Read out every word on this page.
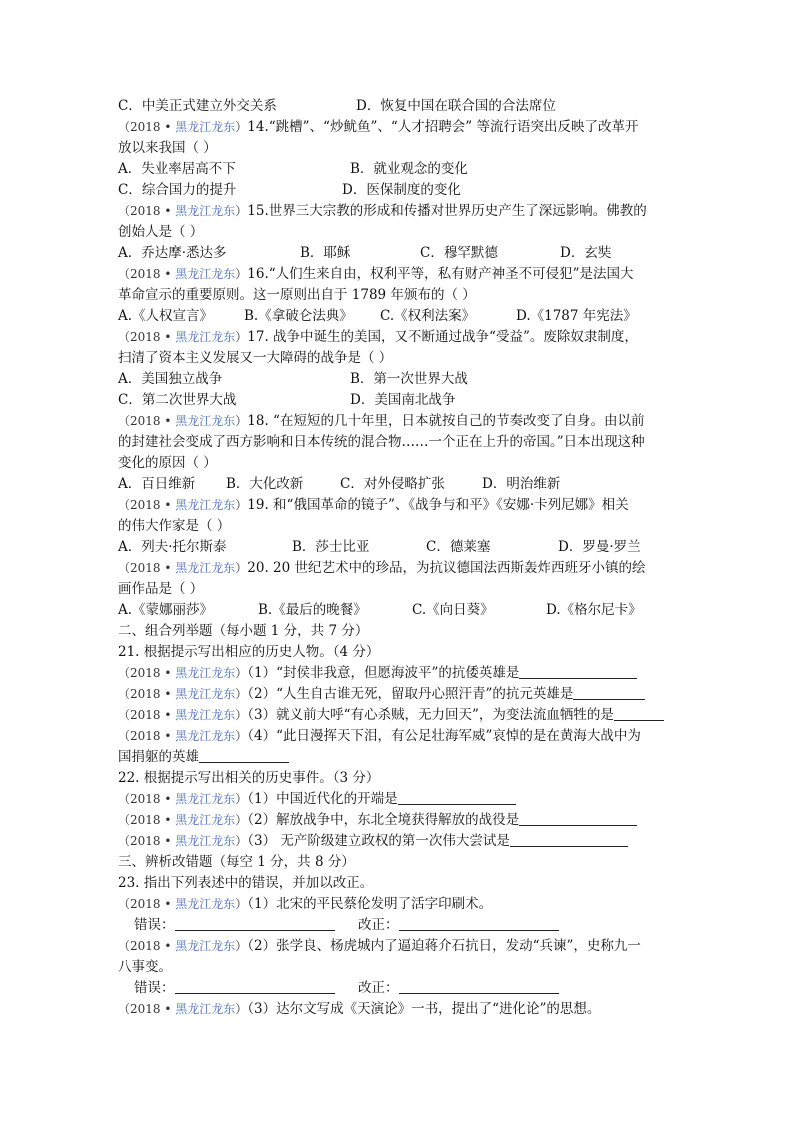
C．中美正式建立外交关系	D．恢复中国在联合国的合法席位
（2018 • 黑龙江龙东）14.“跳槽”、“炒鱿鱼”、“人才招聘会” 等流行语突出反映了改革开
放以来我国（ ）
A．失业率居高不下	B．就业观念的变化
C．综合国力的提升	D．医保制度的变化
（2018 • 黑龙江龙东）15.世界三大宗教的形成和传播对世界历史产生了深远影响。佛教的
创始人是（ ）
A．乔达摩·悉达多	B．耶稣	C．穆罕默德	D．玄奘
（2018 • 黑龙江龙东）16.“人们生来自由，权利平等，私有财产神圣不可侵犯”是法国大
革命宣示的重要原则。这一原则出自于 1789 年颁布的（ ）
A.《人权宣言》 B.《拿破仑法典》 C.《权利法案》	D.《1787 年宪法》
（2018 • 黑龙江龙东）17. 战争中诞生的美国，又不断通过战争“受益”。废除奴隶制度，
扫清了资本主义发展又一大障碍的战争是（ ）
A．美国独立战争	B．第一次世界大战
C．第二次世界大战	D．美国南北战争
（2018 • 黑龙江龙东）18. “在短短的几十年里，日本就按自己的节奏改变了自身。由以前
的封建社会变成了西方影响和日本传统的混合物……一个正在上升的帝国。”日本出现这种
变化的原因（ ）
A．百日维新 B．大化改新	C．对外侵略扩张	D．明治维新
（2018 • 黑龙江龙东）19. 和“俄国革命的镜子”、《战争与和平》《安娜·卡列尼娜》相关
的伟大作家是（ ）
A．列夫·托尔斯泰	B．莎士比亚	C．德莱塞	D．罗曼·罗兰
（2018 • 黑龙江龙东）20. 20 世纪艺术中的珍品，为抗议德国法西斯轰炸西班牙小镇的绘
画作品是（ ）
A.《蒙娜丽莎》	B.《最后的晚餐》	C.《向日葵》	D.《格尔尼卡》
二、组合列举题（每小题 1 分，共 7 分）
21. 根据提示写出相应的历史人物。（4 分）
（2018 • 黑龙江龙东）（1）“封侯非我意，但愿海波平”的抗倭英雄是
（2018 • 黑龙江龙东）（2）“人生自古谁无死，留取丹心照汗青”的抗元英雄是
（2018 • 黑龙江龙东）（3）就义前大呼“有心杀贼，无力回天”，为变法流血牺牲的是
（2018 • 黑龙江龙东）（4）“此日漫挥天下泪，有公足壮海军威”哀悼的是在黄海大战中为
国捐躯的英雄
22. 根据提示写出相关的历史事件。（3 分）
（2018 • 黑龙江龙东）（1）中国近代化的开端是
（2018 • 黑龙江龙东）（2）解放战争中，东北全境获得解放的战役是
（2018 • 黑龙江龙东）（3） 无产阶级建立政权的第一次伟大尝试是
三、辨析改错题（每空 1 分，共 8 分）
23. 指出下列表述中的错误，并加以改正。
（2018 • 黑龙江龙东）（1）北宋的平民蔡伦发明了活字印刷术。
错误：	改正：
（2018 • 黑龙江龙东）（2）张学良、杨虎城内了逼迫蒋介石抗日，发动“兵谏”，史称九一
八事变。
错误：	改正：
（2018 • 黑龙江龙东）（3）达尔文写成《天演论》一书，提出了“进化论”的思想。
